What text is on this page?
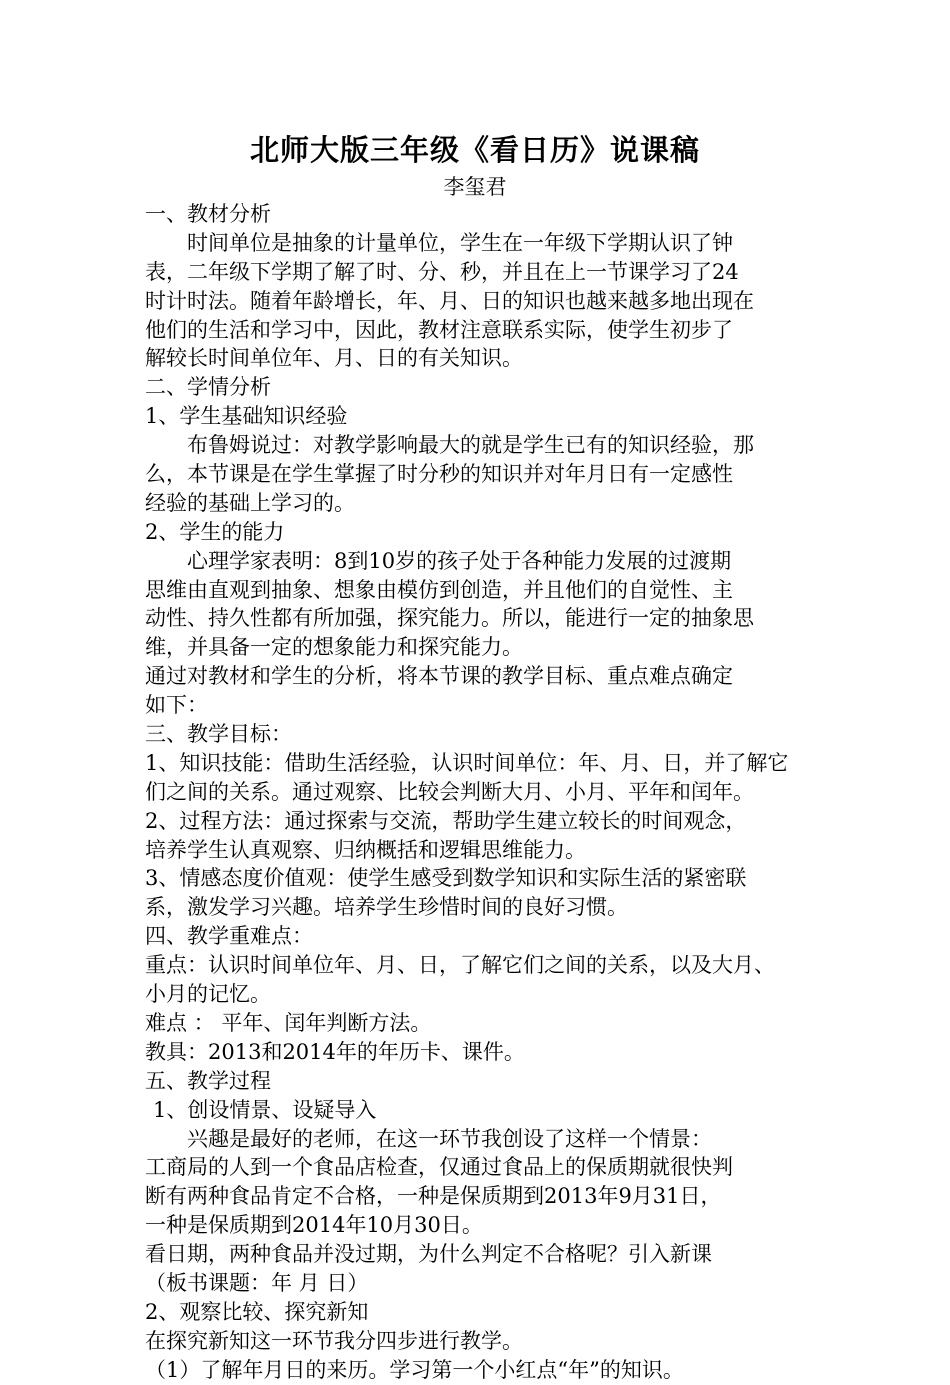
北师大版三年级《看日历》说课稿
李玺君
一、教材分析
时间单位是抽象的计量单位，学生在一年级下学期认识了钟
表，二年级下学期了解了时、分、秒，并且在上一节课学习了24
时计时法。随着年龄增长，年、月、日的知识也越来越多地出现在
他们的生活和学习中，因此，教材注意联系实际，使学生初步了
解较长时间单位年、月、日的有关知识。
二、学情分析
1、学生基础知识经验
布鲁姆说过：对教学影响最大的就是学生已有的知识经验，那
么，本节课是在学生掌握了时分秒的知识并对年月日有一定感性
经验的基础上学习的。
2、学生的能力
心理学家表明：8到10岁的孩子处于各种能力发展的过渡期
思维由直观到抽象、想象由模仿到创造，并且他们的自觉性、主
动性、持久性都有所加强，探究能力。所以，能进行一定的抽象思
维，并具备一定的想象能力和探究能力。
通过对教材和学生的分析，将本节课的教学目标、重点难点确定
如下：
三、教学目标：
1、知识技能：借助生活经验，认识时间单位：年、月、日，并了解它
们之间的关系。通过观察、比较会判断大月、小月、平年和闰年。
2、过程方法：通过探索与交流，帮助学生建立较长的时间观念，
培养学生认真观察、归纳概括和逻辑思维能力。
3、情感态度价值观：使学生感受到数学知识和实际生活的紧密联
系，激发学习兴趣。培养学生珍惜时间的良好习惯。
四、教学重难点：
重点：认识时间单位年、月、日，了解它们之间的关系，以及大月、
小月的记忆。
难点 ： 平年、闰年判断方法。
教具：2013和2014年的年历卡、课件。
五、教学过程
1、创设情景、设疑导入
兴趣是最好的老师，在这一环节我创设了这样一个情景：
工商局的人到一个食品店检查，仅通过食品上的保质期就很快判
断有两种食品肯定不合格，一种是保质期到2013年9月31日，
一种是保质期到2014年10月30日。
看日期，两种食品并没过期，为什么判定不合格呢？引入新课
（板书课题：年 月 日）
2、观察比较、探究新知
在探究新知这一环节我分四步进行教学。
（1）了解年月日的来历。学习第一个小红点“年”的知识。
